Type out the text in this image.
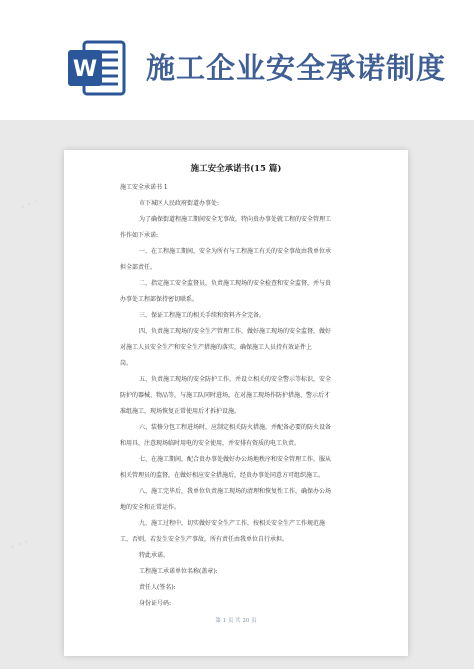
W 施工企业安全承诺制度
• • •
• • •
施工安全承诺书(15 篇)
施工安全承诺书 1
市下城区人民政府街道办事处:
为了确保街道程施工期间安全无事故，特向贵办事处就工程的安全管理工
作作如下承诺:
一、在工程施工期间，安全为所有与工程施工有关的安全事故由我单位承
担全部责任。
二、指定施工安全监督员，负责施工现场的安全检查和安全监督，并与贵
办事处工程部保持密切联系。
三、保证工程施工的相关手续和资料齐全完备。
四、负责施工现场的安全生产管理工作，做好施工现场的安全监督，做好
对施工人员安全生产和安全生产措施的落实，确保施工人员持有效证件上
岗。
五、负责施工现场的安全防护工作，并设立相关的安全警示等标识，安全
防护的器械、物品等，与施工队同时进场，在对施工现场作防护措施、警示后才
准组施工，现场恢复正常使用后才拆护设施。
六、装修分包工程进场时，应制定相关防火措施，并配备必要的防火设备
和用具，注意现场临时用电的安全使用，并安排有资质的电工负责。
七、在施工期间，配合贵办事处做好办公场地秩序和安全管理工作，服从
相关管理员的监督，在做好相应安全措施后，经贵办事处同意方可组织施工。
八、施工完毕后，我单位负责施工现场的清理和恢复性工作，确保办公场
地的安全和正常运作。
九、施工过程中，切实做好安全生产工作，按相关安全生产工作规范施
工，否则，若发生安全生产事故，所有责任由我单位自行承担。
特此承诺。
工程施工承诺单位名称(盖章):
责任人(签名):
身份证号码:
第 1 页 共 20 页
